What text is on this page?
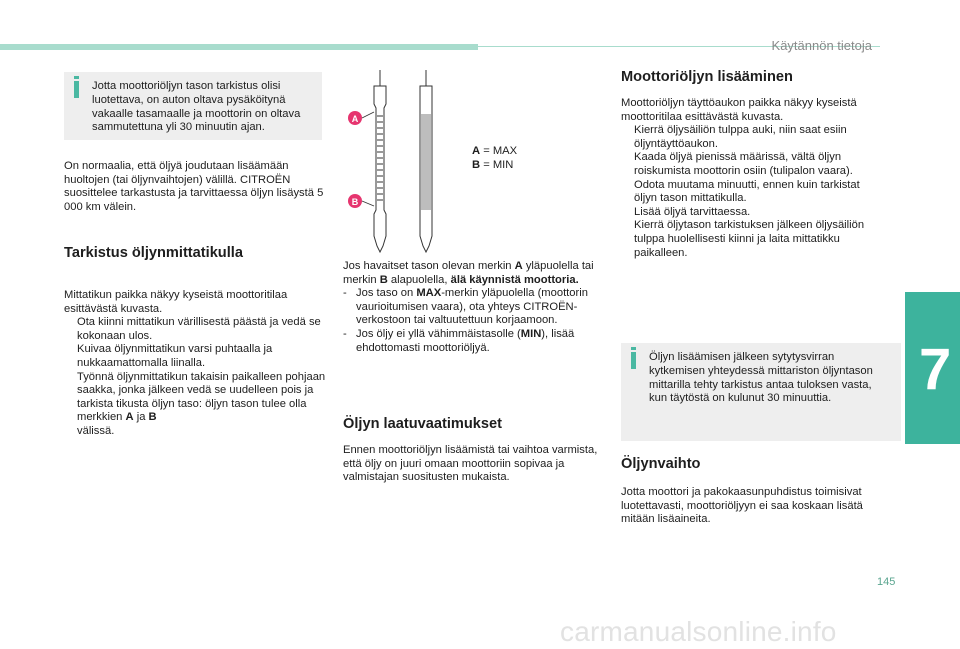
Käytännön tietoja
7
145
carmanualsonline.info
Jotta moottoriöljyn tason tarkistus olisi luotettava, on auton oltava pysäköitynä vakaalle tasamaalle ja moottorin on oltava sammutettuna yli 30 minuutin ajan.

On normaalia, että öljyä joudutaan lisäämään huoltojen (tai öljynvaihtojen) välillä. CITROËN suosittelee tarkastusta ja tarvittaessa öljyn lisäystä 5 000 km välein.

Tarkistus öljynmittatikulla

Mittatikun paikka näkyy kyseistä moottoritilaa esittävästä kuvasta.

Ota kiinni mittatikun värillisestä päästä ja vedä se kokonaan ulos.
Kuivaa öljynmittatikun varsi puhtaalla ja nukkaamattomalla liinalla.
Työnnä öljynmittatikun takaisin paikalleen pohjaan saakka, jonka jälkeen vedä se uudelleen pois ja tarkista tikusta öljyn taso: öljyn tason tulee olla merkkien A ja B
välissä.
A
B
A = MAX
B = MIN

Jos havaitset tason olevan merkin A yläpuolella tai merkin B alapuolella, älä käynnistä moottoria.

- Jos taso on MAX-merkin yläpuolella (moottorin vaurioitumisen vaara), ota yhteys CITROËN-verkostoon tai valtuutettuun korjaamoon.
- Jos öljy ei yllä vähimmäistasolle (MIN), lisää ehdottomasti moottoriöljyä.
Öljyn laatuvaatimukset

Ennen moottoriöljyn lisäämistä tai vaihtoa varmista, että öljy on juuri omaan moottoriin sopivaa ja valmistajan suositusten mukaista.

Moottoriöljyn lisääminen

Moottoriöljyn täyttöaukon paikka näkyy kyseistä moottoritilaa esittävästä kuvasta.

Kierrä öljysäiliön tulppa auki, niin saat esiin öljyntäyttöaukon.
Kaada öljyä pienissä määrissä, vältä öljyn roiskumista moottorin osiin (tulipalon vaara).
Odota muutama minuutti, ennen kuin tarkistat öljyn tason mittatikulla.
Lisää öljyä tarvittaessa.
Kierrä öljytason tarkistuksen jälkeen öljysäiliön tulppa huolellisesti kiinni ja laita mittatikku paikalleen.
Öljyn lisäämisen jälkeen sytytysvirran kytkemisen yhteydessä mittariston öljyntason mittarilla tehty tarkistus antaa tuloksen vasta, kun täytöstä on kulunut 30 minuuttia.
Öljynvaihto

Jotta moottori ja pakokaasunpuhdistus toimisivat luotettavasti, moottoriöljyyn ei saa koskaan lisätä mitään lisäaineita.
